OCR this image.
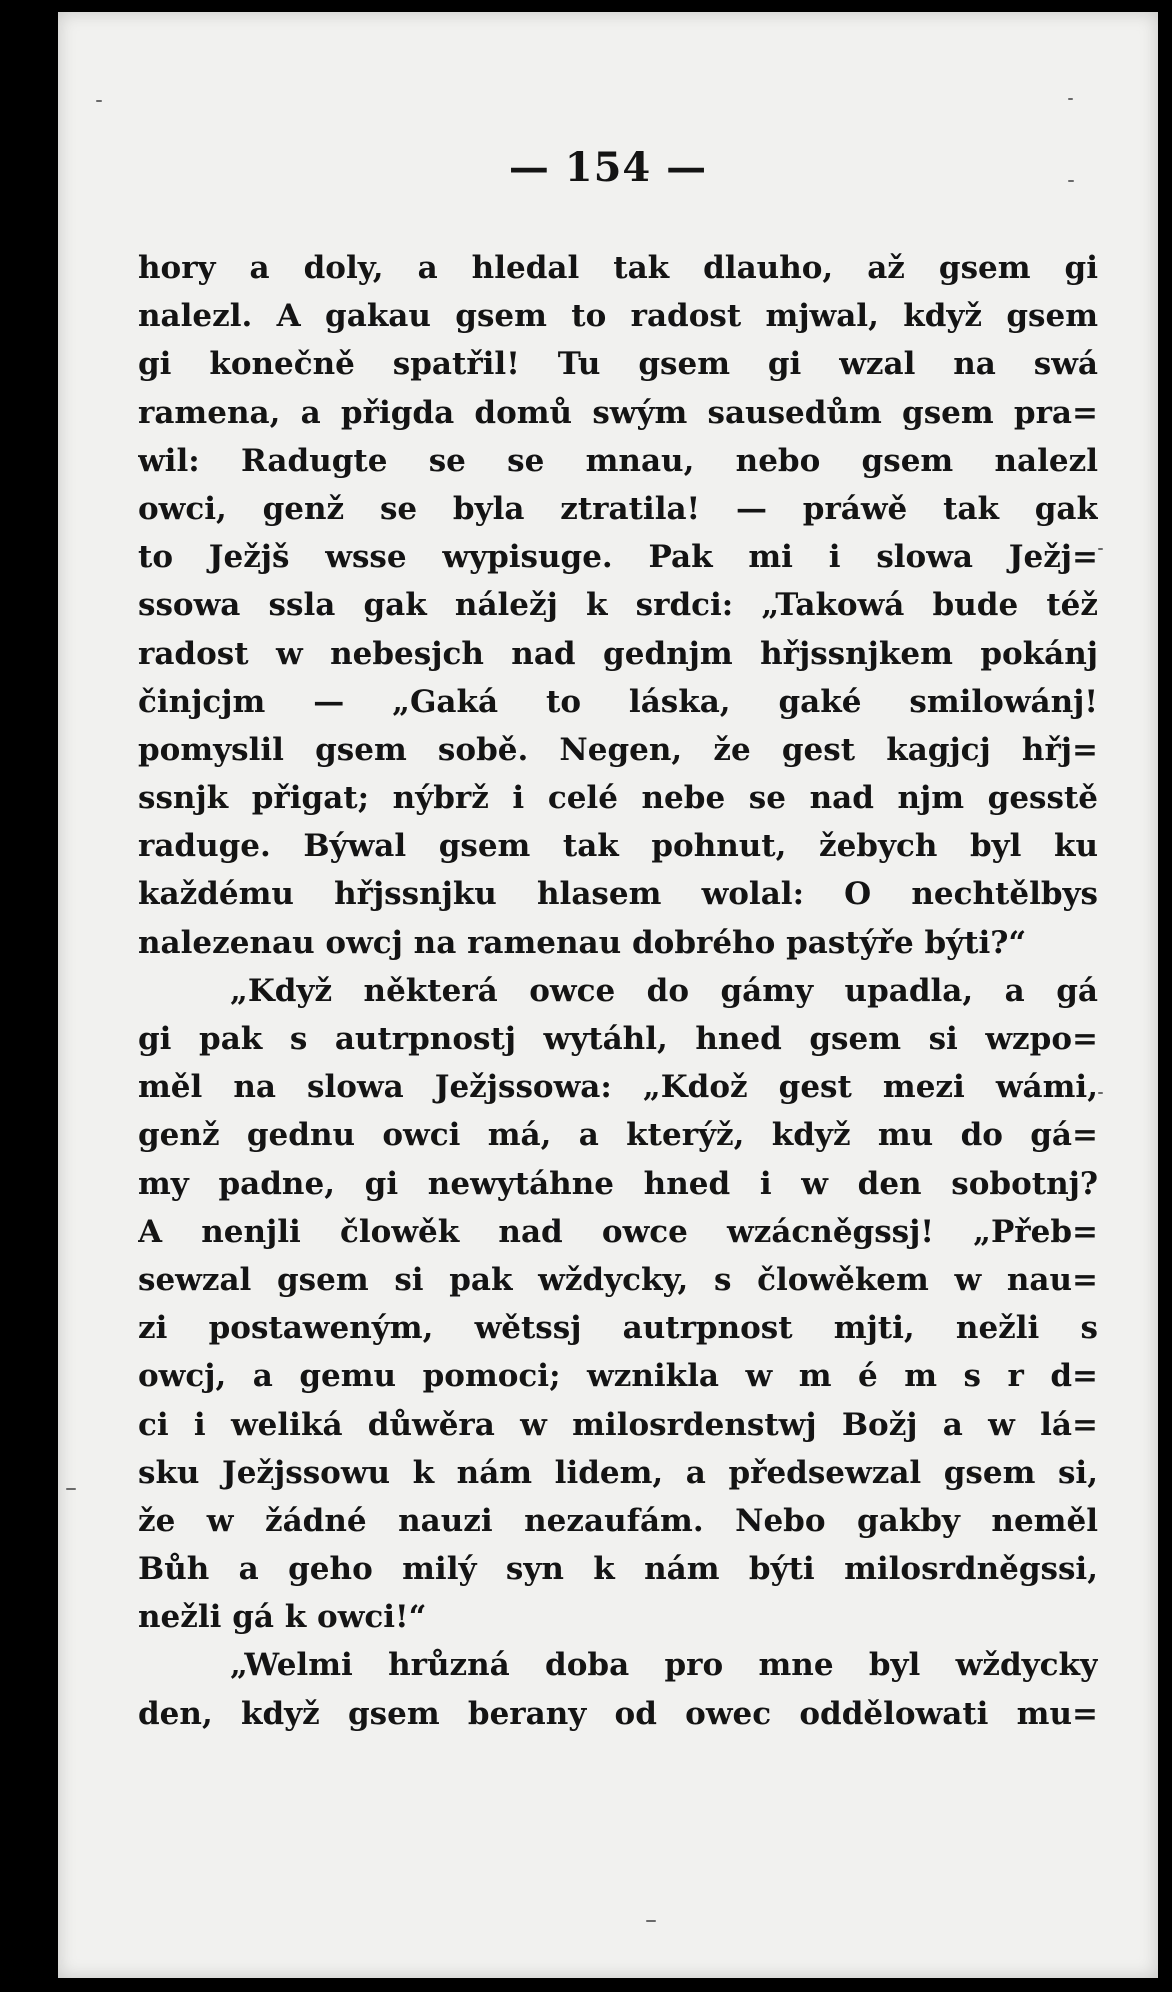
— 154 —
hory a doly, a hledal tak dlauho, až gsem gi
nalezl. A gakau gsem to radost mjwal, když gsem
gi konečně spatřil! Tu gsem gi wzal na swá
ramena, a přigda domů swým sausedům gsem pra=
wil: Radugte se se mnau, nebo gsem nalezl
owci, genž se byla ztratila! — práwě tak gak
to Ježjš wsse wypisuge. Pak mi i slowa Ježj=
ssowa ssla gak náležj k srdci: „Takowá bude též
radost w nebesjch nad gednjm hřjssnjkem pokánj
činjcjm — „Gaká to láska, gaké smilowánj!
pomyslil gsem sobě. Negen, že gest kagjcj hřj=
ssnjk přigat; nýbrž i celé nebe se nad njm gesstě
raduge. Býwal gsem tak pohnut, žebych byl ku
každému hřjssnjku hlasem wolal: O nechtělbys
nalezenau owcj na ramenau dobrého pastýře býti?“
„Když některá owce do gámy upadla, a gá
gi pak s autrpnostj wytáhl, hned gsem si wzpo=
měl na slowa Ježjssowa: „Kdož gest mezi wámi,
genž gednu owci má, a kterýž, když mu do gá=
my padne, gi newytáhne hned i w den sobotnj?
A nenjli člowěk nad owce wzácněgssj! „Přeb=
sewzal gsem si pak wždycky, s člowěkem w nau=
zi postaweným, wětssj autrpnost mjti, nežli s
owcj, a gemu pomoci; wznikla w m é m s r d=
ci i weliká důwěra w milosrdenstwj Božj a w lá=
sku Ježjssowu k nám lidem, a předsewzal gsem si,
že w žádné nauzi nezaufám. Nebo gakby neměl
Bůh a geho milý syn k nám býti milosrdněgssi,
nežli gá k owci!“
„Welmi hrůzná doba pro mne byl wždycky
den, když gsem berany od owec oddělowati mu=
